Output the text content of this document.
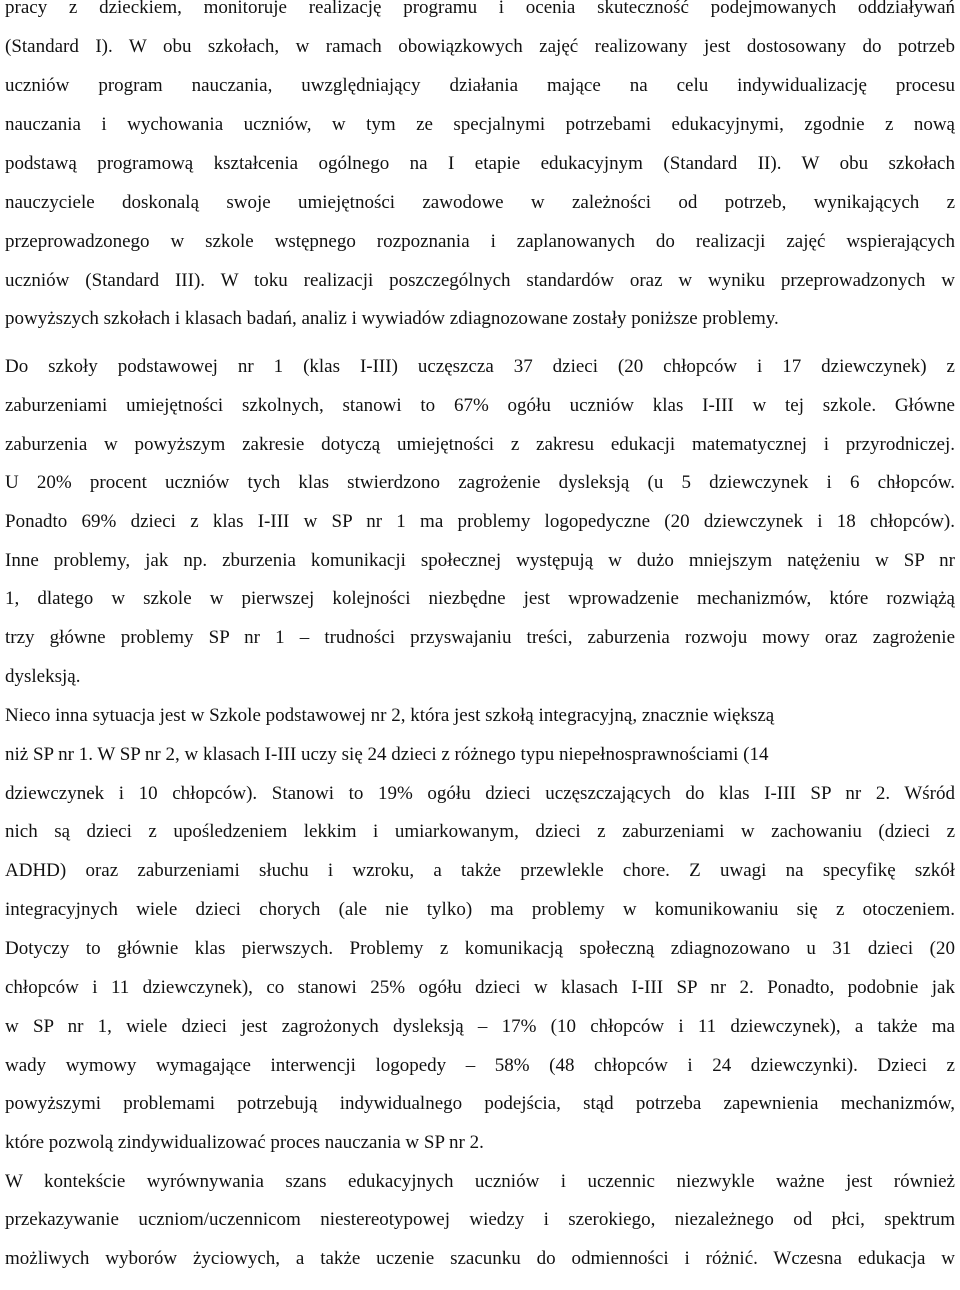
pracy z dzieckiem, monitoruje realizację programu i ocenia skuteczność podejmowanych oddziaływań
(Standard I). W obu szkołach, w ramach obowiązkowych zajęć realizowany jest dostosowany do potrzeb
uczniów program nauczania, uwzględniający działania mające na celu indywidualizację procesu
nauczania i wychowania uczniów, w tym ze specjalnymi potrzebami edukacyjnymi, zgodnie z nową
podstawą programową kształcenia ogólnego na I etapie edukacyjnym (Standard II). W obu szkołach
nauczyciele doskonalą swoje umiejętności zawodowe w zależności od potrzeb, wynikających z
przeprowadzonego w szkole wstępnego rozpoznania i zaplanowanych do realizacji zajęć wspierających
uczniów (Standard III). W toku realizacji poszczególnych standardów oraz w wyniku przeprowadzonych w
powyższych szkołach i klasach badań, analiz i wywiadów zdiagnozowane zostały poniższe problemy.
Do szkoły podstawowej nr 1 (klas I-III) uczęszcza 37 dzieci (20 chłopców i 17 dziewczynek) z
zaburzeniami umiejętności szkolnych, stanowi to 67% ogółu uczniów klas I-III w tej szkole. Główne
zaburzenia w powyższym zakresie dotyczą umiejętności z zakresu edukacji matematycznej i przyrodniczej.
U 20% procent uczniów tych klas stwierdzono zagrożenie dysleksją (u 5 dziewczynek i 6 chłopców.
Ponadto 69% dzieci z klas I-III w SP nr 1 ma problemy logopedyczne (20 dziewczynek i 18 chłopców).
Inne problemy, jak np. zburzenia komunikacji społecznej występują w dużo mniejszym natężeniu w SP nr
1, dlatego w szkole w pierwszej kolejności niezbędne jest wprowadzenie mechanizmów, które rozwiążą
trzy główne problemy SP nr 1 – trudności przyswajaniu treści, zaburzenia rozwoju mowy oraz zagrożenie
dysleksją.
Nieco inna sytuacja jest w Szkole podstawowej nr 2, która jest szkołą integracyjną, znacznie większą
niż SP nr 1. W SP nr 2, w klasach I-III uczy się 24 dzieci z różnego typu niepełnosprawnościami (14
dziewczynek i 10 chłopców). Stanowi to 19% ogółu dzieci uczęszczających do klas I-III SP nr 2. Wśród
nich są dzieci z upośledzeniem lekkim i umiarkowanym, dzieci z zaburzeniami w zachowaniu (dzieci z
ADHD) oraz zaburzeniami słuchu i wzroku, a także przewlekle chore. Z uwagi na specyfikę szkół
integracyjnych wiele dzieci chorych (ale nie tylko) ma problemy w komunikowaniu się z otoczeniem.
Dotyczy to głównie klas pierwszych. Problemy z komunikacją społeczną zdiagnozowano u 31 dzieci (20
chłopców i 11 dziewczynek), co stanowi 25% ogółu dzieci w klasach I-III SP nr 2. Ponadto, podobnie jak
w SP nr 1, wiele dzieci jest zagrożonych dysleksją – 17% (10 chłopców i 11 dziewczynek), a także ma
wady wymowy wymagające interwencji logopedy – 58% (48 chłopców i 24 dziewczynki). Dzieci z
powyższymi problemami potrzebują indywidualnego podejścia, stąd potrzeba zapewnienia mechanizmów,
które pozwolą zindywidualizować proces nauczania w SP nr 2.
W kontekście wyrównywania szans edukacyjnych uczniów i uczennic niezwykle ważne jest również
przekazywanie uczniom/uczennicom niestereotypowej wiedzy i szerokiego, niezależnego od płci, spektrum
możliwych wyborów życiowych, a także uczenie szacunku do odmienności i różnić. Wczesna edukacja w
